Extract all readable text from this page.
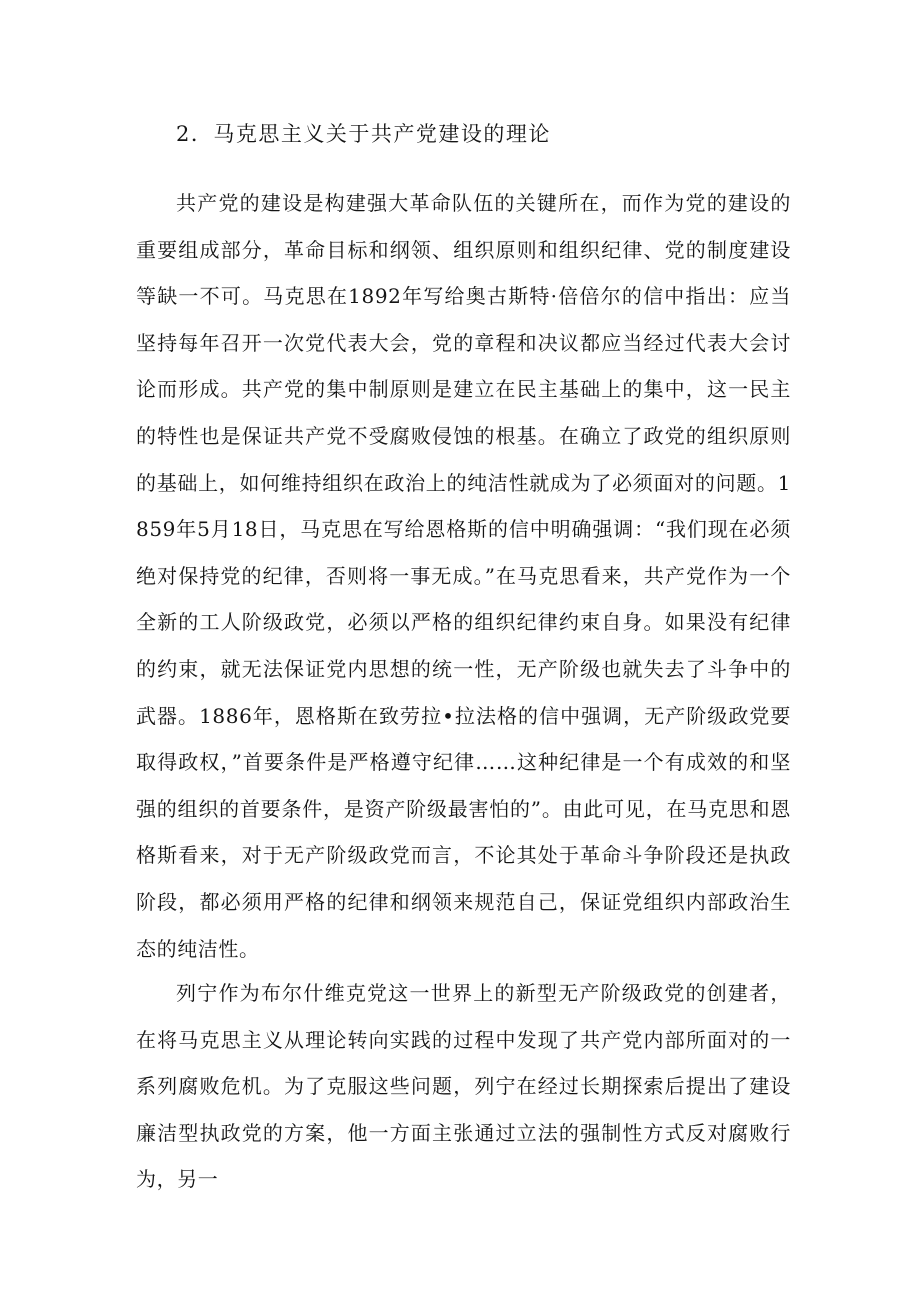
2．马克思主义关于共产党建设的理论

共产党的建设是构建强大革命队伍的关键所在，而作为党的建设的重要组成部分，革命目标和纲领、组织原则和组织纪律、党的制度建设等缺一不可。马克思在1892年写给奥古斯特·倍倍尔的信中指出：应当坚持每年召开一次党代表大会，党的章程和决议都应当经过代表大会讨论而形成。共产党的集中制原则是建立在民主基础上的集中，这一民主的特性也是保证共产党不受腐败侵蚀的根基。在确立了政党的组织原则的基础上，如何维持组织在政治上的纯洁性就成为了必须面对的问题。1859年5月18日，马克思在写给恩格斯的信中明确强调：“我们现在必须绝对保持党的纪律，否则将一事无成。”在马克思看来，共产党作为一个全新的工人阶级政党，必须以严格的组织纪律约束自身。如果没有纪律的约束，就无法保证党内思想的统一性，无产阶级也就失去了斗争中的武器。1886年，恩格斯在致劳拉•拉法格的信中强调，无产阶级政党要取得政权，”首要条件是严格遵守纪律……这种纪律是一个有成效的和坚强的组织的首要条件，是资产阶级最害怕的”。由此可见，在马克思和恩格斯看来，对于无产阶级政党而言，不论其处于革命斗争阶段还是执政阶段，都必须用严格的纪律和纲领来规范自己，保证党组织内部政治生态的纯洁性。

列宁作为布尔什维克党这一世界上的新型无产阶级政党的创建者，在将马克思主义从理论转向实践的过程中发现了共产党内部所面对的一系列腐败危机。为了克服这些问题，列宁在经过长期探索后提出了建设廉洁型执政党的方案，他一方面主张通过立法的强制性方式反对腐败行为，另一
